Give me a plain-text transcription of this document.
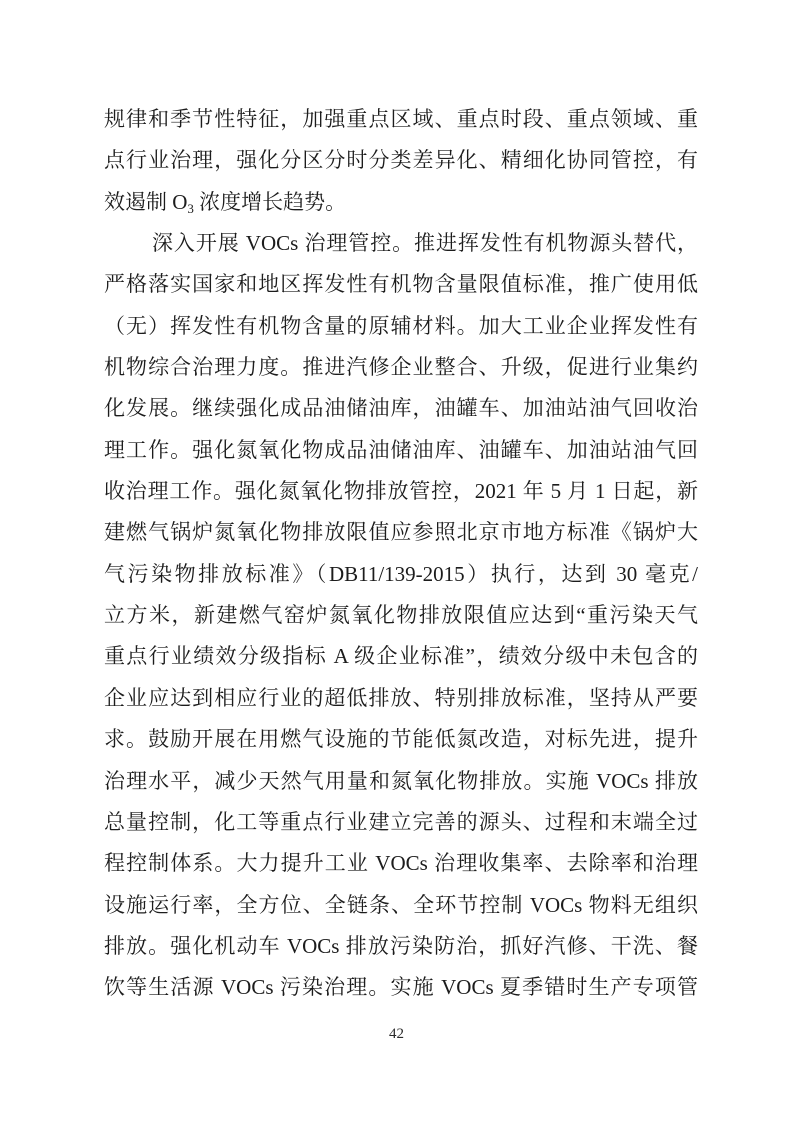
规律和季节性特征，加强重点区域、重点时段、重点领域、重
点行业治理，强化分区分时分类差异化、精细化协同管控，有
效遏制 $O_3$ 浓度增长趋势。
深入开展 VOCs 治理管控。推进挥发性有机物源头替代，
严格落实国家和地区挥发性有机物含量限值标准，推广使用低
（无）挥发性有机物含量的原辅材料。加大工业企业挥发性有
机物综合治理力度。推进汽修企业整合、升级，促进行业集约
化发展。继续强化成品油储油库，油罐车、加油站油气回收治
理工作。强化氮氧化物成品油储油库、油罐车、加油站油气回
收治理工作。强化氮氧化物排放管控，2021 年 5 月 1 日起，新
建燃气锅炉氮氧化物排放限值应参照北京市地方标准《锅炉大
气污染物排放标准》（DB11/139-2015）执行，达到 30 毫克/
立方米，新建燃气窑炉氮氧化物排放限值应达到“重污染天气
重点行业绩效分级指标 A 级企业标准”，绩效分级中未包含的
企业应达到相应行业的超低排放、特别排放标准，坚持从严要
求。鼓励开展在用燃气设施的节能低氮改造，对标先进，提升
治理水平，减少天然气用量和氮氧化物排放。实施 VOCs 排放
总量控制，化工等重点行业建立完善的源头、过程和末端全过
程控制体系。大力提升工业 VOCs 治理收集率、去除率和治理
设施运行率，全方位、全链条、全环节控制 VOCs 物料无组织
排放。强化机动车 VOCs 排放污染防治，抓好汽修、干洗、餐
饮等生活源 VOCs 污染治理。实施 VOCs 夏季错时生产专项管
42
